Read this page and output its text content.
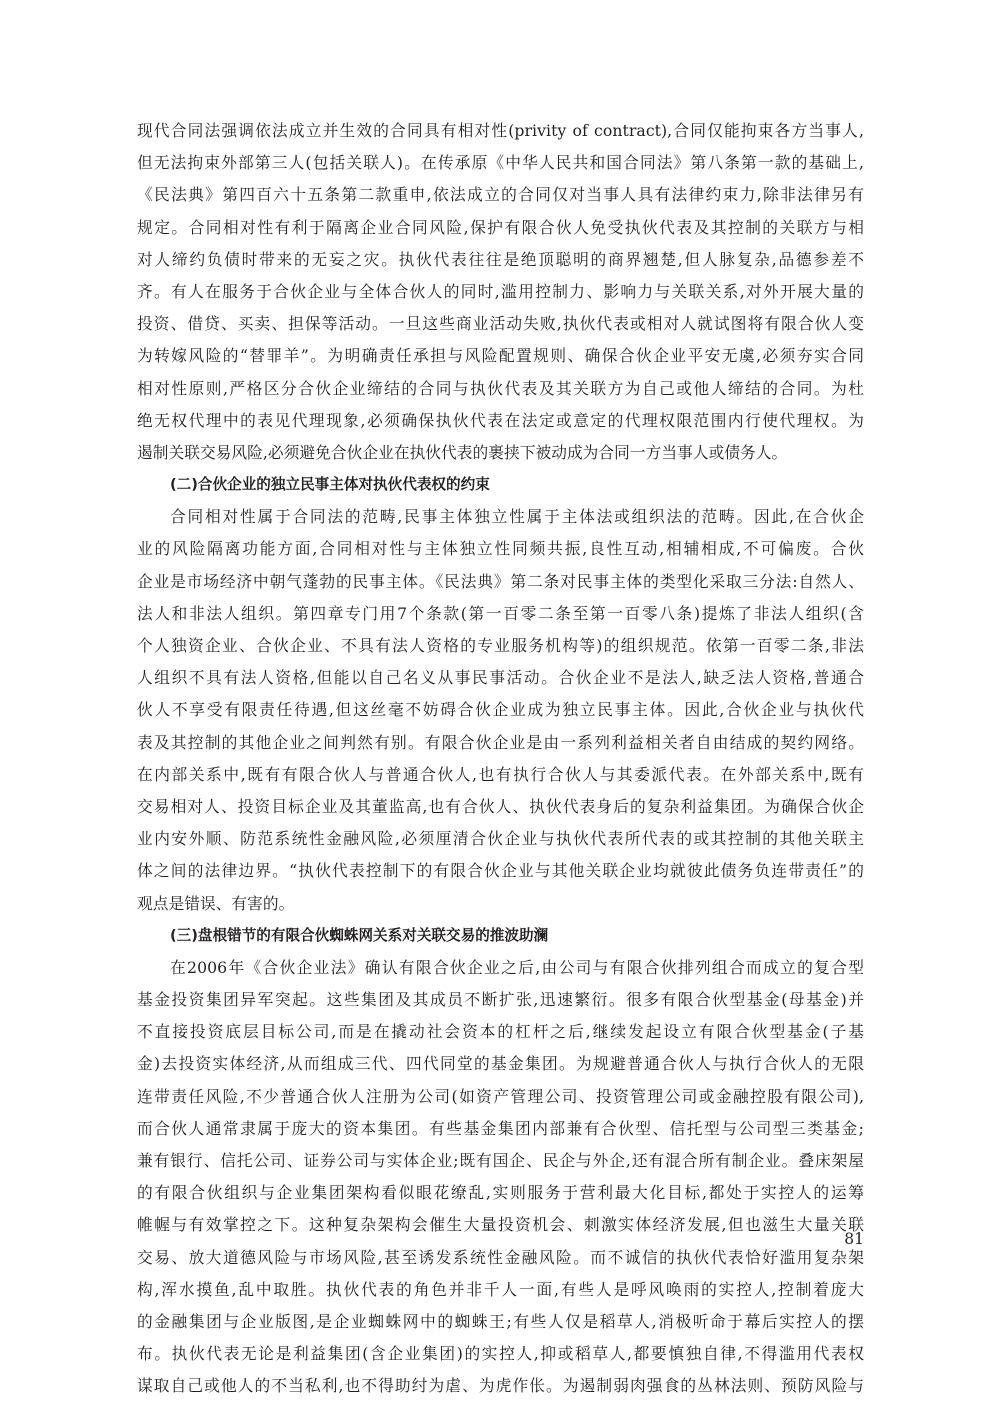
现代合同法强调依法成立并生效的合同具有相对性(privity of contract),合同仅能拘束各方当事人,
但无法拘束外部第三人(包括关联人)。在传承原《中华人民共和国合同法》第八条第一款的基础上,
《民法典》第四百六十五条第二款重申,依法成立的合同仅对当事人具有法律约束力,除非法律另有
规定。合同相对性有利于隔离企业合同风险,保护有限合伙人免受执伙代表及其控制的关联方与相
对人缔约负债时带来的无妄之灾。执伙代表往往是绝顶聪明的商界翘楚,但人脉复杂,品德参差不
齐。有人在服务于合伙企业与全体合伙人的同时,滥用控制力、影响力与关联关系,对外开展大量的
投资、借贷、买卖、担保等活动。一旦这些商业活动失败,执伙代表或相对人就试图将有限合伙人变
为转嫁风险的“替罪羊”。为明确责任承担与风险配置规则、确保合伙企业平安无虞,必须夯实合同
相对性原则,严格区分合伙企业缔结的合同与执伙代表及其关联方为自己或他人缔结的合同。为杜
绝无权代理中的表见代理现象,必须确保执伙代表在法定或意定的代理权限范围内行使代理权。为
遏制关联交易风险,必须避免合伙企业在执伙代表的裹挟下被动成为合同一方当事人或债务人。
(二)合伙企业的独立民事主体对执伙代表权的约束
合同相对性属于合同法的范畴,民事主体独立性属于主体法或组织法的范畴。因此,在合伙企
业的风险隔离功能方面,合同相对性与主体独立性同频共振,良性互动,相辅相成,不可偏废。合伙
企业是市场经济中朝气蓬勃的民事主体。《民法典》第二条对民事主体的类型化采取三分法:自然人、
法人和非法人组织。第四章专门用7个条款(第一百零二条至第一百零八条)提炼了非法人组织(含
个人独资企业、合伙企业、不具有法人资格的专业服务机构等)的组织规范。依第一百零二条,非法
人组织不具有法人资格,但能以自己名义从事民事活动。合伙企业不是法人,缺乏法人资格,普通合
伙人不享受有限责任待遇,但这丝毫不妨碍合伙企业成为独立民事主体。因此,合伙企业与执伙代
表及其控制的其他企业之间判然有别。有限合伙企业是由一系列利益相关者自由结成的契约网络。
在内部关系中,既有有限合伙人与普通合伙人,也有执行合伙人与其委派代表。在外部关系中,既有
交易相对人、投资目标企业及其董监高,也有合伙人、执伙代表身后的复杂利益集团。为确保合伙企
业内安外顺、防范系统性金融风险,必须厘清合伙企业与执伙代表所代表的或其控制的其他关联主
体之间的法律边界。“执伙代表控制下的有限合伙企业与其他关联企业均就彼此债务负连带责任”的
观点是错误、有害的。
(三)盘根错节的有限合伙蜘蛛网关系对关联交易的推波助澜
在2006年《合伙企业法》确认有限合伙企业之后,由公司与有限合伙排列组合而成立的复合型
基金投资集团异军突起。这些集团及其成员不断扩张,迅速繁衍。很多有限合伙型基金(母基金)并
不直接投资底层目标公司,而是在撬动社会资本的杠杆之后,继续发起设立有限合伙型基金(子基
金)去投资实体经济,从而组成三代、四代同堂的基金集团。为规避普通合伙人与执行合伙人的无限
连带责任风险,不少普通合伙人注册为公司(如资产管理公司、投资管理公司或金融控股有限公司),
而合伙人通常隶属于庞大的资本集团。有些基金集团内部兼有合伙型、信托型与公司型三类基金;
兼有银行、信托公司、证券公司与实体企业;既有国企、民企与外企,还有混合所有制企业。叠床架屋
的有限合伙组织与企业集团架构看似眼花缭乱,实则服务于营利最大化目标,都处于实控人的运筹
帷幄与有效掌控之下。这种复杂架构会催生大量投资机会、刺激实体经济发展,但也滋生大量关联
交易、放大道德风险与市场风险,甚至诱发系统性金融风险。而不诚信的执伙代表恰好滥用复杂架
构,浑水摸鱼,乱中取胜。执伙代表的角色并非千人一面,有些人是呼风唤雨的实控人,控制着庞大
的金融集团与企业版图,是企业蜘蛛网中的蜘蛛王;有些人仅是稻草人,消极听命于幕后实控人的摆
布。执伙代表无论是利益集团(含企业集团)的实控人,抑或稻草人,都要慎独自律,不得滥用代表权
谋取自己或他人的不当私利,也不得助纣为虐、为虎作伥。为遏制弱肉强食的丛林法则、预防风险与
81
